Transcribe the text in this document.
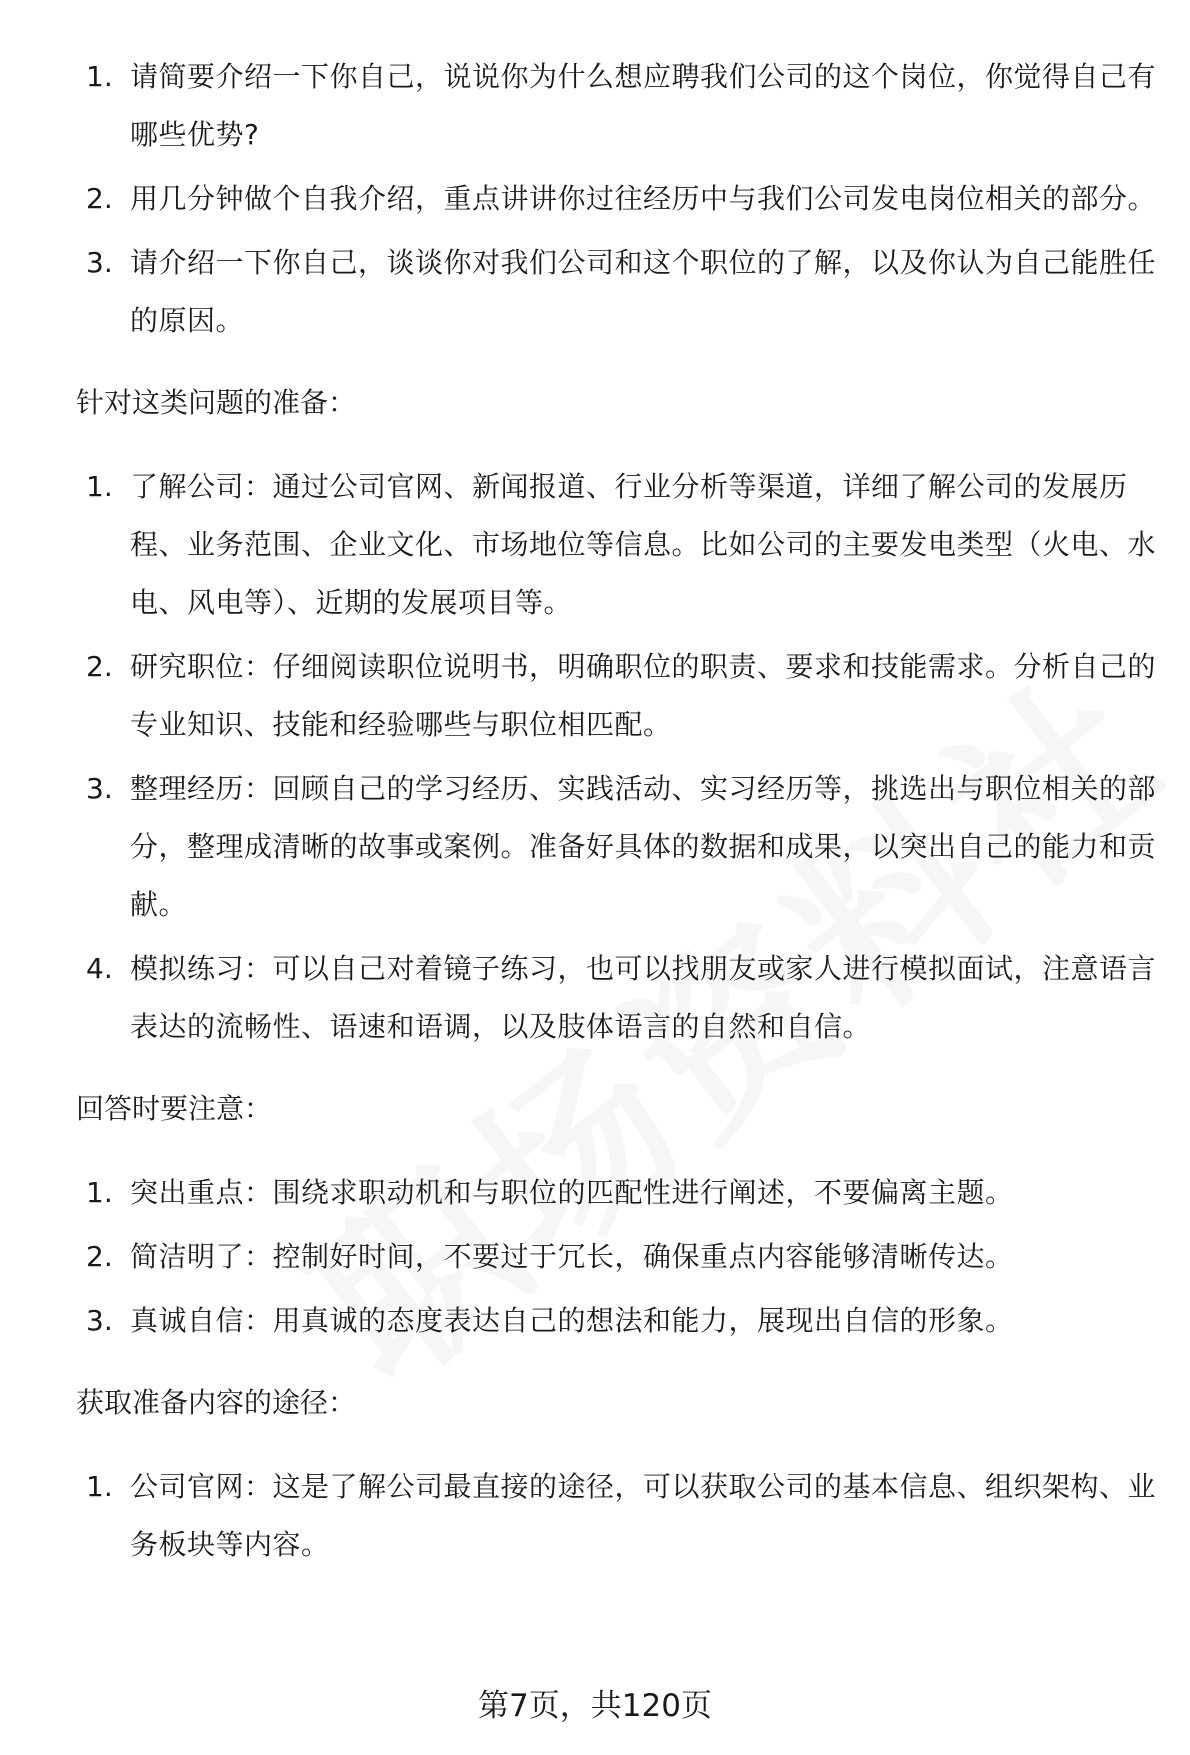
1. 请简要介绍一下你自己，说说你为什么想应聘我们公司的这个岗位，你觉得自己有哪些优势?
2. 用几分钟做个自我介绍，重点讲讲你过往经历中与我们公司发电岗位相关的部分。
3. 请介绍一下你自己，谈谈你对我们公司和这个职位的了解，以及你认为自己能胜任的原因。
针对这类问题的准备：
1. 了解公司：通过公司官网、新闻报道、行业分析等渠道，详细了解公司的发展历程、业务范围、企业文化、市场地位等信息。比如公司的主要发电类型（火电、水电、风电等）、近期的发展项目等。
2. 研究职位：仔细阅读职位说明书，明确职位的职责、要求和技能需求。分析自己的专业知识、技能和经验哪些与职位相匹配。
3. 整理经历：回顾自己的学习经历、实践活动、实习经历等，挑选出与职位相关的部分，整理成清晰的故事或案例。准备好具体的数据和成果，以突出自己的能力和贡献。
4. 模拟练习：可以自己对着镜子练习，也可以找朋友或家人进行模拟面试，注意语言表达的流畅性、语速和语调，以及肢体语言的自然和自信。
回答时要注意：
1. 突出重点：围绕求职动机和与职位的匹配性进行阐述，不要偏离主题。
2. 简洁明了：控制好时间，不要过于冗长，确保重点内容能够清晰传达。
3. 真诚自信：用真诚的态度表达自己的想法和能力，展现出自信的形象。
获取准备内容的途径：
1. 公司官网：这是了解公司最直接的途径，可以获取公司的基本信息、组织架构、业务板块等内容。
第7页，共120页
